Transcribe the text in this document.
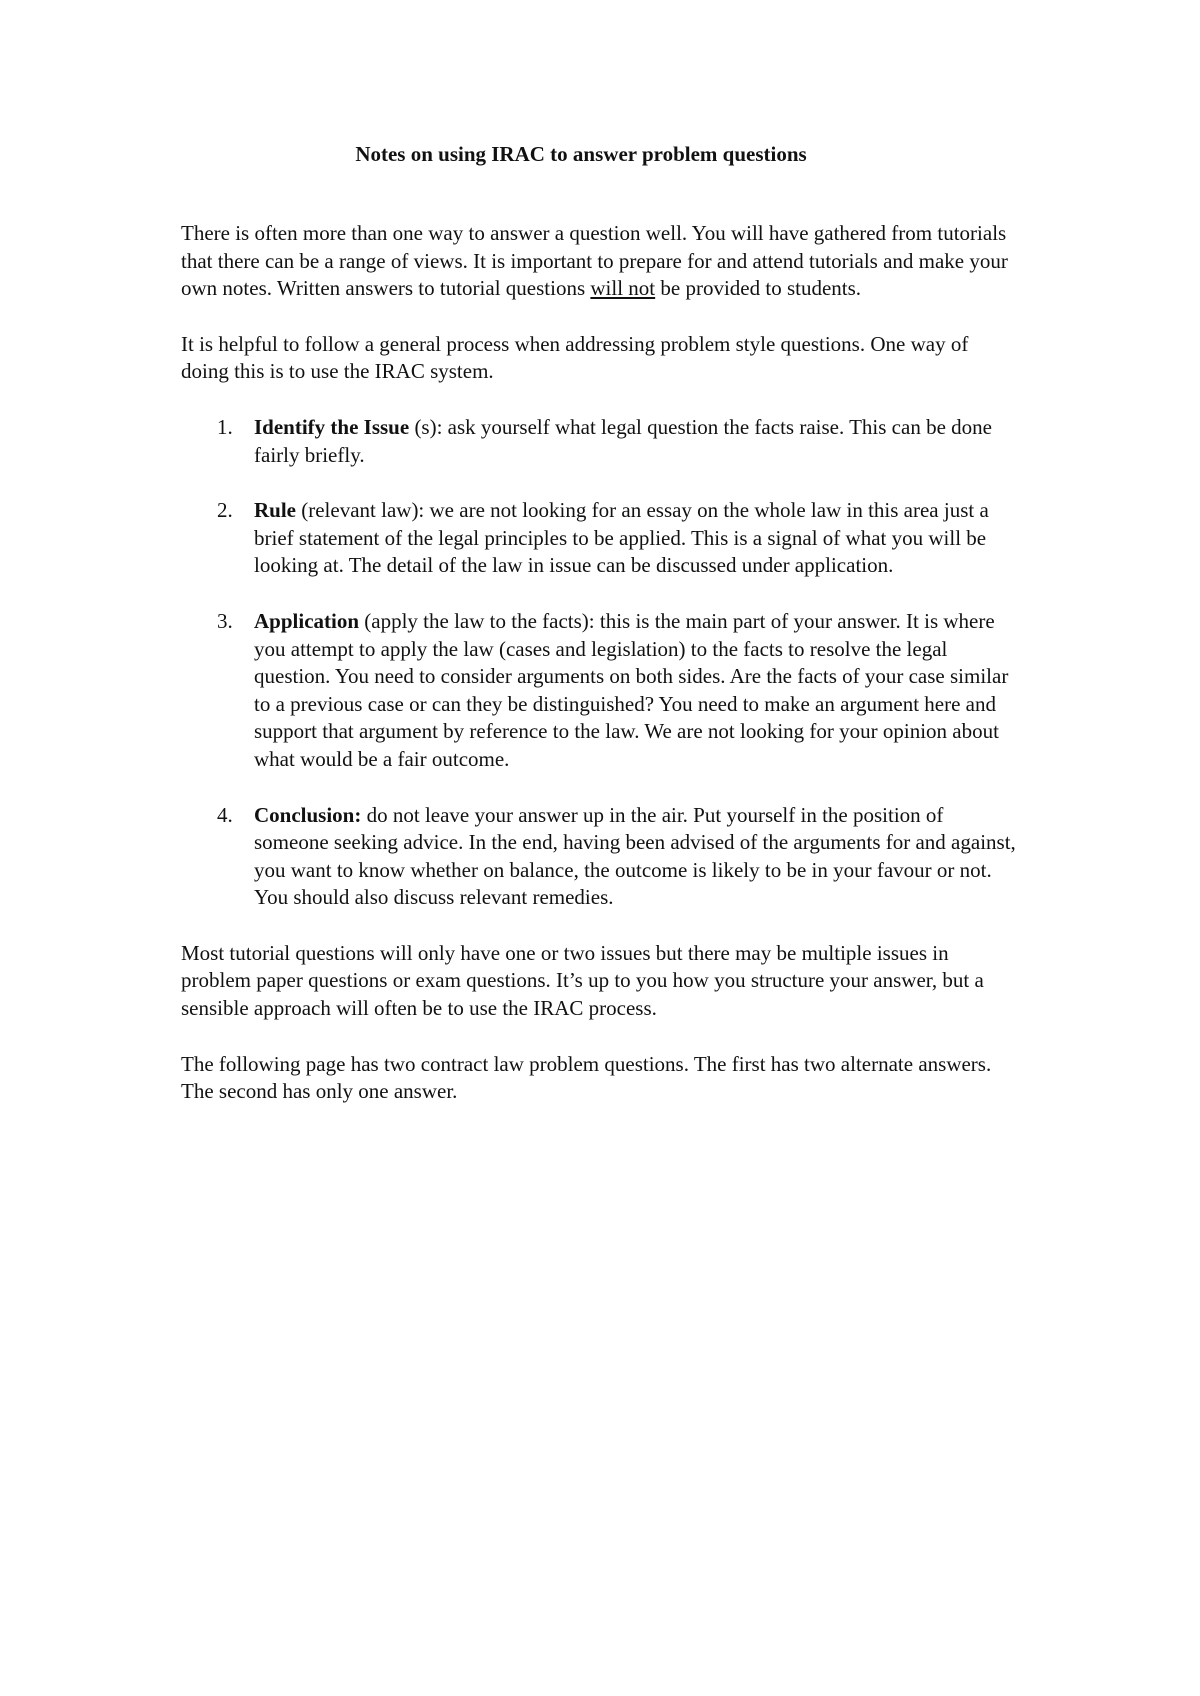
Notes on using IRAC to answer problem questions

There is often more than one way to answer a question well. You will have gathered from tutorials that there can be a range of views. It is important to prepare for and attend tutorials and make your own notes. Written answers to tutorial questions will not be provided to students.

It is helpful to follow a general process when addressing problem style questions. One way of doing this is to use the IRAC system.

1. Identify the Issue (s): ask yourself what legal question the facts raise. This can be done fairly briefly.
2. Rule (relevant law): we are not looking for an essay on the whole law in this area just a brief statement of the legal principles to be applied. This is a signal of what you will be looking at. The detail of the law in issue can be discussed under application.
3. Application (apply the law to the facts): this is the main part of your answer. It is where you attempt to apply the law (cases and legislation) to the facts to resolve the legal question. You need to consider arguments on both sides. Are the facts of your case similar to a previous case or can they be distinguished? You need to make an argument here and support that argument by reference to the law. We are not looking for your opinion about what would be a fair outcome.
4. Conclusion: do not leave your answer up in the air. Put yourself in the position of someone seeking advice. In the end, having been advised of the arguments for and against, you want to know whether on balance, the outcome is likely to be in your favour or not. You should also discuss relevant remedies.

Most tutorial questions will only have one or two issues but there may be multiple issues in problem paper questions or exam questions. It’s up to you how you structure your answer, but a sensible approach will often be to use the IRAC process.

The following page has two contract law problem questions. The first has two alternate answers. The second has only one answer.
